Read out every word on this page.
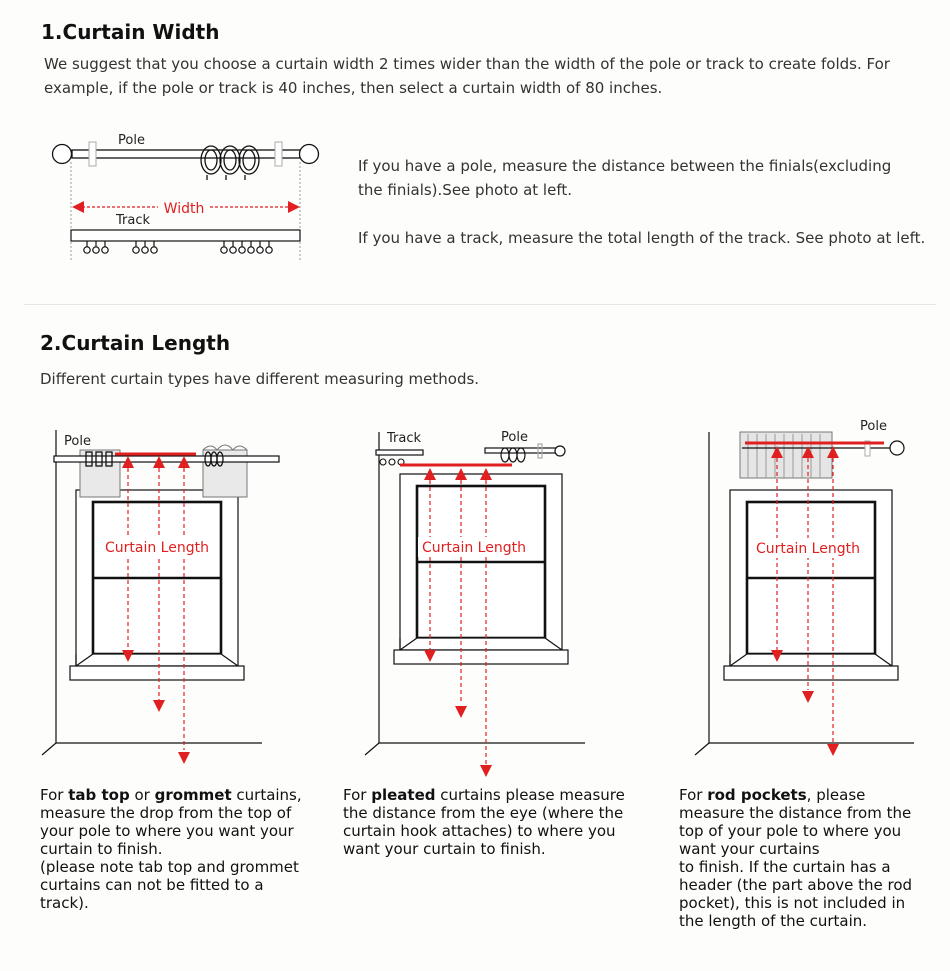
1.Curtain Width
We suggest that you choose a curtain width 2 times wider than the width of the pole or track to create folds. For example, if the pole or track is 40 inches, then select a curtain width of 80 inches.
Pole
Width
Track
If you have a pole, measure the distance between the finials(excluding the finials).See photo at left.
If you have a track, measure the total length of the track. See photo at left.
2.Curtain Length
Different curtain types have different measuring methods.
Pole
Curtain Length
Track	Pole
Curtain Length
Pole
Curtain Length
For tab top or grommet curtains, measure the drop from the top of your pole to where you want your curtain to finish.
(please note tab top and grommet curtains can not be fitted to a track).
For pleated curtains please measure the distance from the eye (where the curtain hook attaches) to where you want your curtain to finish.
For rod pockets, please measure the distance from the top of your pole to where you want your curtains
to finish. If the curtain has a header (the part above the rod pocket), this is not included in the length of the curtain.
